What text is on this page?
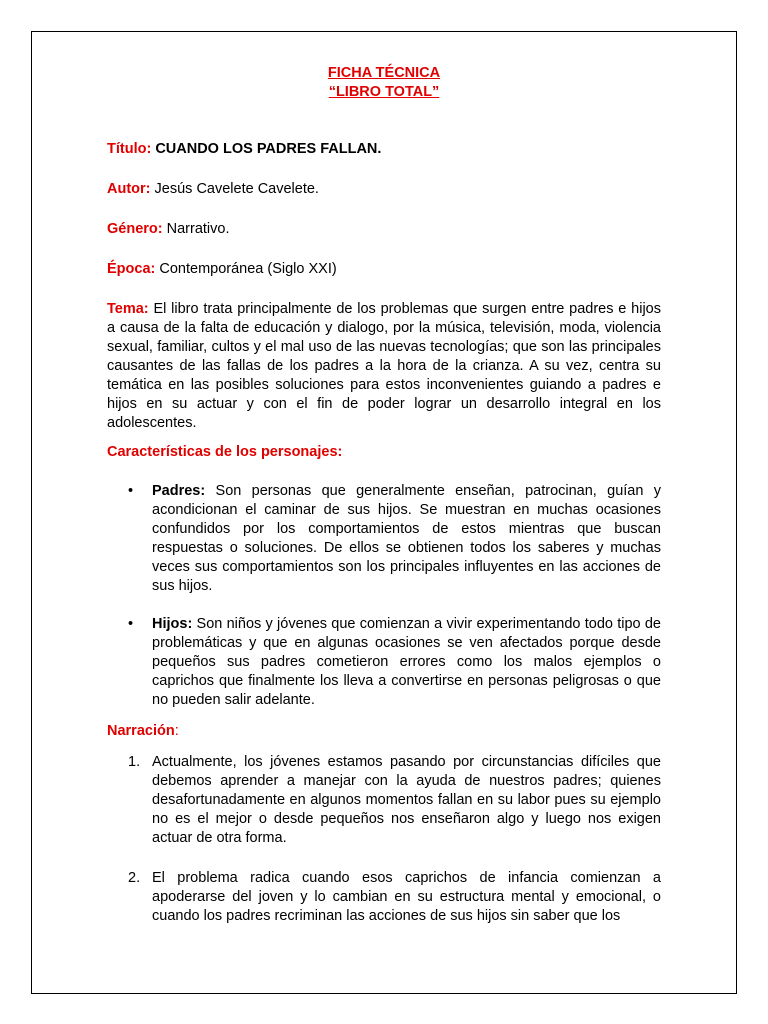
FICHA TÉCNICA
“LIBRO TOTAL”

Título: CUANDO LOS PADRES FALLAN.

Autor: Jesús Cavelete Cavelete.

Género: Narrativo.

Época: Contemporánea (Siglo XXI)

Tema: El libro trata principalmente de los problemas que surgen entre padres e hijos a causa de la falta de educación y dialogo, por la música, televisión, moda, violencia sexual, familiar, cultos y el mal uso de las nuevas tecnologías; que son las principales causantes de las fallas de los padres a la hora de la crianza. A su vez, centra su temática en las posibles soluciones para estos inconvenientes guiando a padres e hijos en su actuar y con el fin de poder lograr un desarrollo integral en los adolescentes.

Características de los personajes:

• Padres: Son personas que generalmente enseñan, patrocinan, guían y acondicionan el caminar de sus hijos. Se muestran en muchas ocasiones confundidos por los comportamientos de estos mientras que buscan respuestas o soluciones. De ellos se obtienen todos los saberes y muchas veces sus comportamientos son los principales influyentes en las acciones de sus hijos.
• Hijos: Son niños y jóvenes que comienzan a vivir experimentando todo tipo de problemáticas y que en algunas ocasiones se ven afectados porque desde pequeños sus padres cometieron errores como los malos ejemplos o caprichos que finalmente los lleva a convertirse en personas peligrosas o que no pueden salir adelante.

Narración:

1. Actualmente, los jóvenes estamos pasando por circunstancias difíciles que debemos aprender a manejar con la ayuda de nuestros padres; quienes desafortunadamente en algunos momentos fallan en su labor pues su ejemplo no es el mejor o desde pequeños nos enseñaron algo y luego nos exigen actuar de otra forma.
2. El problema radica cuando esos caprichos de infancia comienzan a apoderarse del joven y lo cambian en su estructura mental y emocional, o cuando los padres recriminan las acciones de sus hijos sin saber que los
